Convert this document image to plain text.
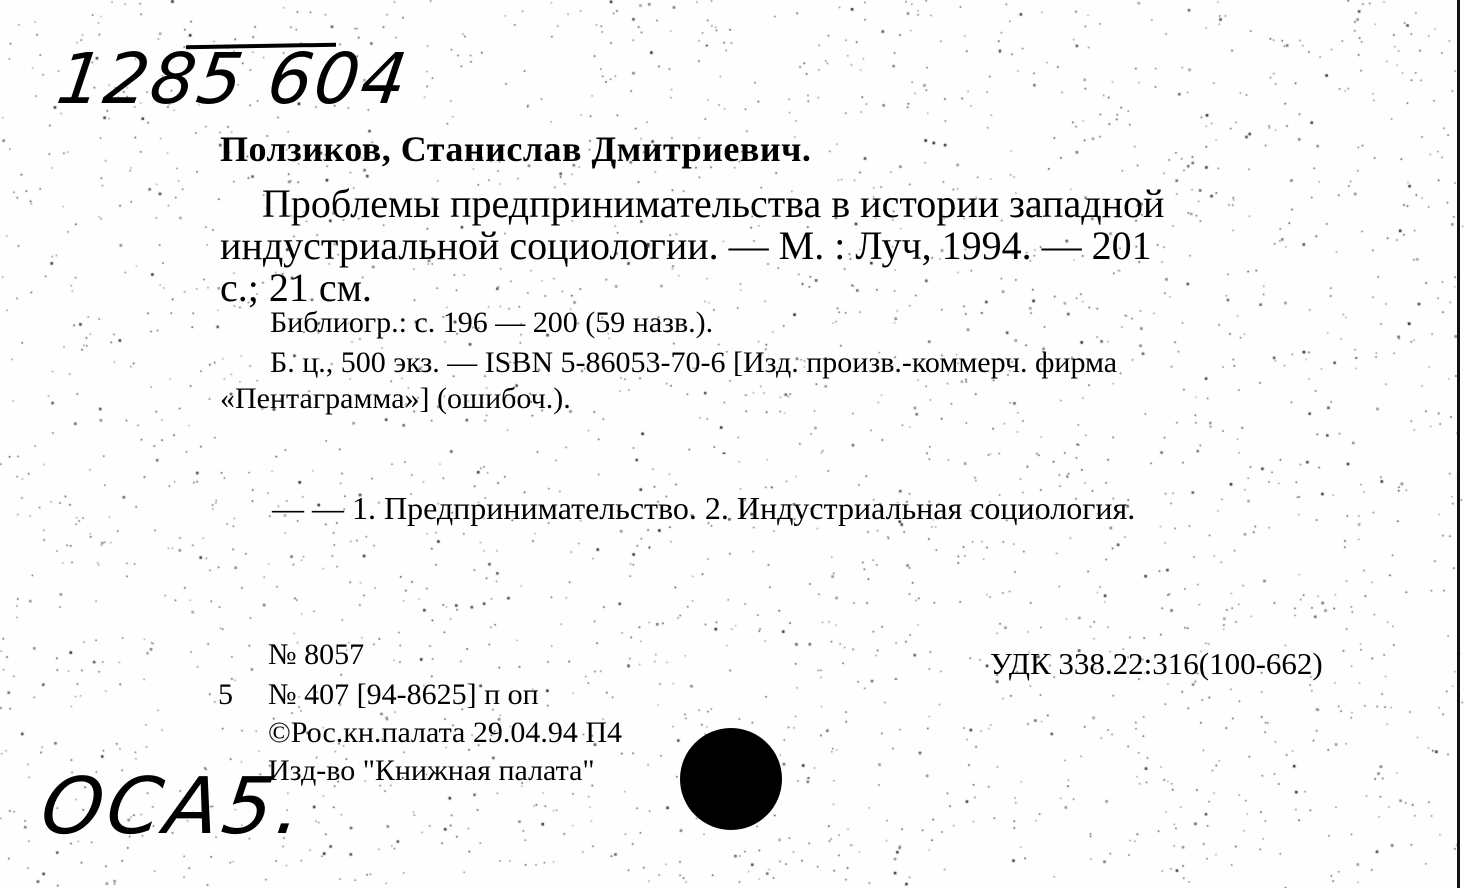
1285 604
Ползиков, Станислав Дмитриевич.
Проблемы предпринимательства в истории западной
индустриальной социологии. — М. : Луч, 1994. — 201
с.; 21 см.
Библиогр.: с. 196 — 200 (59 назв.).
Б. ц., 500 экз. — ISBN 5-86053-70-6 [Изд. произв.-коммерч. фирма
«Пентаграмма»] (ошибоч.).
— — 1. Предпринимательство. 2. Индустриальная социология.
№ 8057
5 № 407 [94-8625] п оп
©Рос.кн.палата 29.04.94 П4
Изд-во "Книжная палата"
УДК 338.22:316(100-662)
OCA5.
